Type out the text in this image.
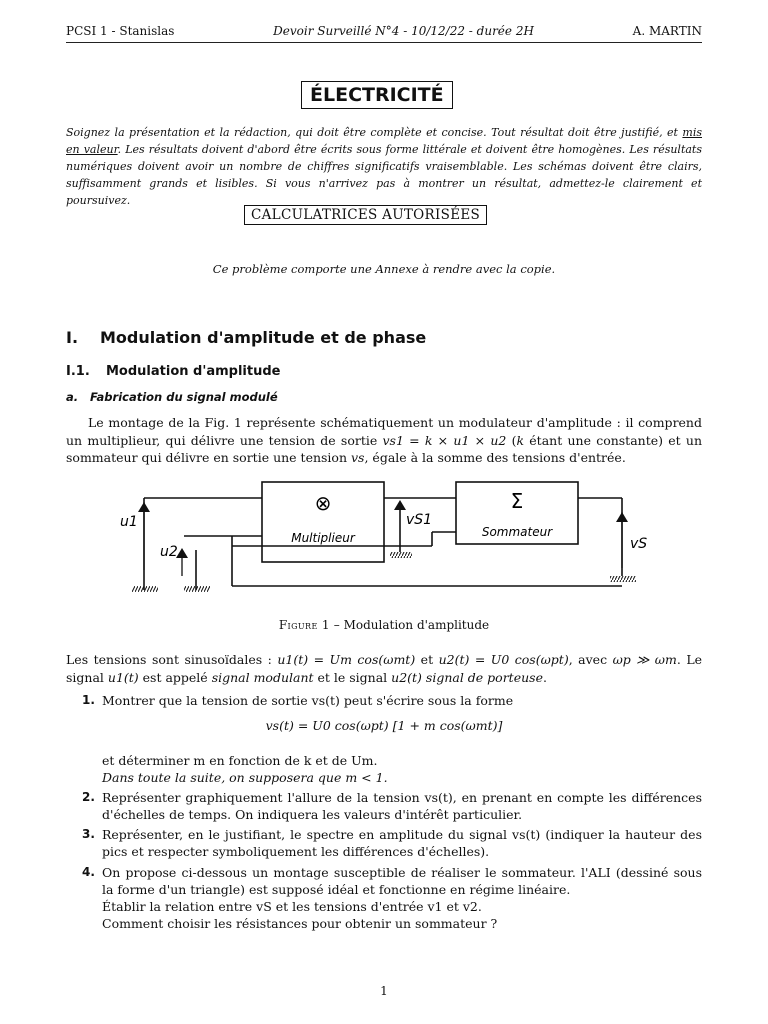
PCSI 1 - Stanislas	Devoir Surveillé N°4 - 10/12/22 - durée 2H	A. MARTIN
ÉLECTRICITÉ
Soignez la présentation et la rédaction, qui doit être complète et concise. Tout résultat doit être justifié, et mis en valeur. Les résultats doivent d'abord être écrits sous forme littérale et doivent être homogènes. Les résultats numériques doivent avoir un nombre de chiffres significatifs vraisemblable. Les schémas doivent être clairs, suffisamment grands et lisibles. Si vous n'arrivez pas à montrer un résultat, admettez-le clairement et poursuivez.
CALCULATRICES AUTORISÉES
Ce problème comporte une Annexe à rendre avec la copie.
I. Modulation d'amplitude et de phase
I.1. Modulation d'amplitude
a. Fabrication du signal modulé
Le montage de la Fig. 1 représente schématiquement un modulateur d'amplitude : il comprend un multiplieur, qui délivre une tension de sortie vs1 = k × u1 × u2 (k étant une constante) et un sommateur qui délivre en sortie une tension vs, égale à la somme des tensions d'entrée.
⊗
Multiplieur
Σ
Sommateur
u1
u2
vS1
vS
Figure 1 – Modulation d'amplitude
Les tensions sont sinusoïdales : u1(t) = Um cos(ωmt) et u2(t) = U0 cos(ωpt), avec ωp ≫ ωm. Le signal u1(t) est appelé signal modulant et le signal u2(t) signal de porteuse.
1. Montrer que la tension de sortie vs(t) peut s'écrire sous la forme
vs(t) = U0 cos(ωpt) [1 + m cos(ωmt)]
et déterminer m en fonction de k et de Um.
Dans toute la suite, on supposera que m < 1.
2. Représenter graphiquement l'allure de la tension vs(t), en prenant en compte les différences d'échelles de temps. On indiquera les valeurs d'intérêt particulier.
3. Représenter, en le justifiant, le spectre en amplitude du signal vs(t) (indiquer la hauteur des pics et respecter symboliquement les différences d'échelles).
4. On propose ci-dessous un montage susceptible de réaliser le sommateur. l'ALI (dessiné sous la forme d'un triangle) est supposé idéal et fonctionne en régime linéaire.
Établir la relation entre vS et les tensions d'entrée v1 et v2.
Comment choisir les résistances pour obtenir un sommateur ?
1
